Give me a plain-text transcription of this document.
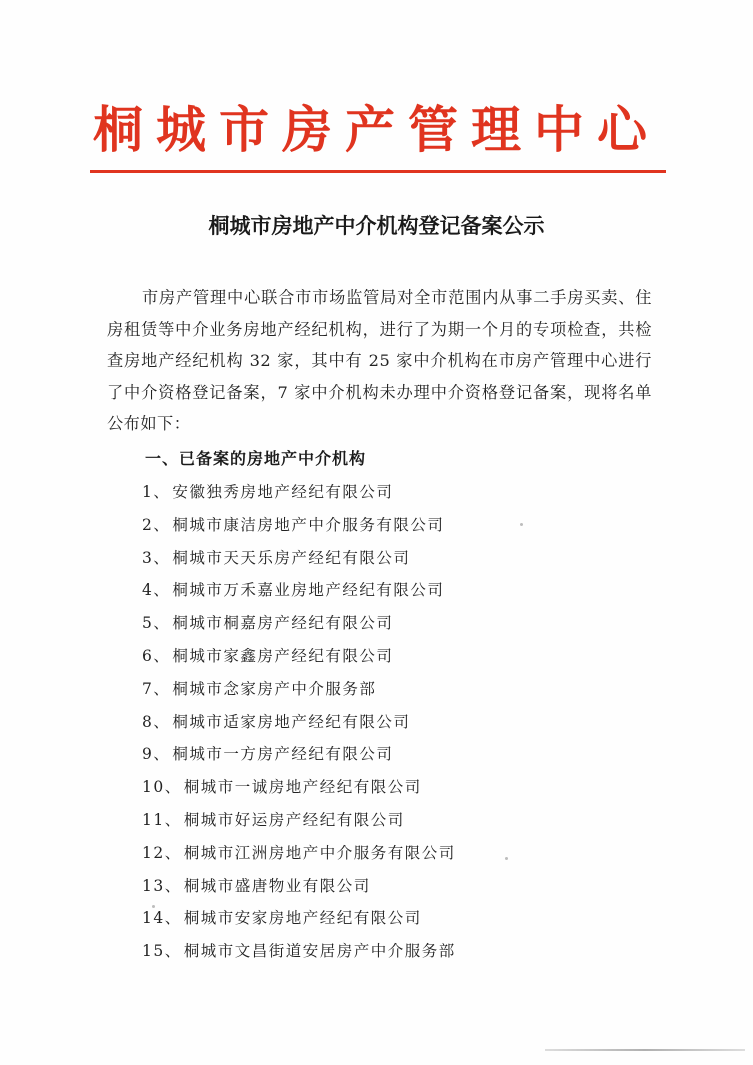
桐城市房产管理中心
桐城市房地产中介机构登记备案公示
市房产管理中心联合市市场监管局对全市范围内从事二手房买卖、住房租赁等中介业务房地产经纪机构，进行了为期一个月的专项检查，共检查房地产经纪机构 32 家，其中有 25 家中介机构在市房产管理中心进行了中介资格登记备案，7 家中介机构未办理中介资格登记备案，现将名单公布如下：
一、已备案的房地产中介机构
1、 安徽独秀房地产经纪有限公司
2、 桐城市康洁房地产中介服务有限公司
3、 桐城市天天乐房产经纪有限公司
4、 桐城市万禾嘉业房地产经纪有限公司
5、 桐城市桐嘉房产经纪有限公司
6、 桐城市家鑫房产经纪有限公司
7、 桐城市念家房产中介服务部
8、 桐城市适家房地产经纪有限公司
9、 桐城市一方房产经纪有限公司
10、 桐城市一诚房地产经纪有限公司
11、 桐城市好运房产经纪有限公司
12、 桐城市江洲房地产中介服务有限公司
13、 桐城市盛唐物业有限公司
14、 桐城市安家房地产经纪有限公司
15、 桐城市文昌街道安居房产中介服务部
